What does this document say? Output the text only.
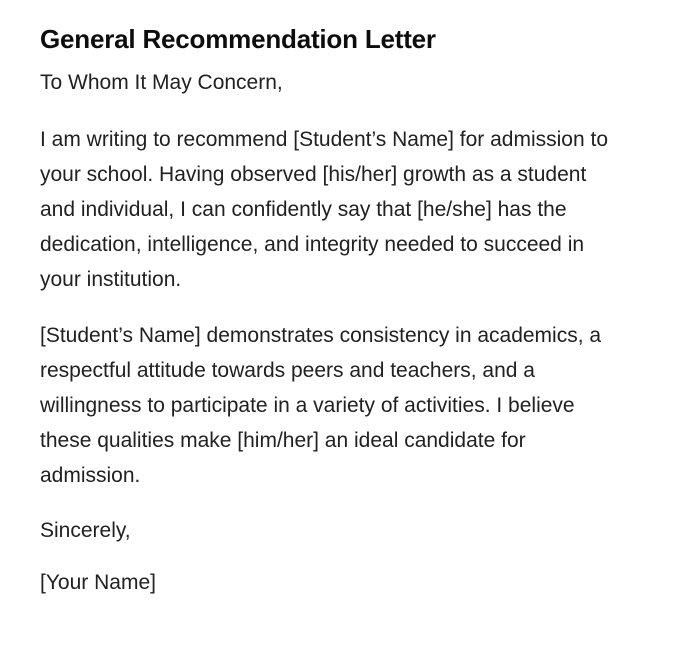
General Recommendation Letter
To Whom It May Concern,
I am writing to recommend [Student’s Name] for admission to
your school. Having observed [his/her] growth as a student
and individual, I can confidently say that [he/she] has the
dedication, intelligence, and integrity needed to succeed in
your institution.
[Student’s Name] demonstrates consistency in academics, a
respectful attitude towards peers and teachers, and a
willingness to participate in a variety of activities. I believe
these qualities make [him/her] an ideal candidate for
admission.
Sincerely,
[Your Name]
